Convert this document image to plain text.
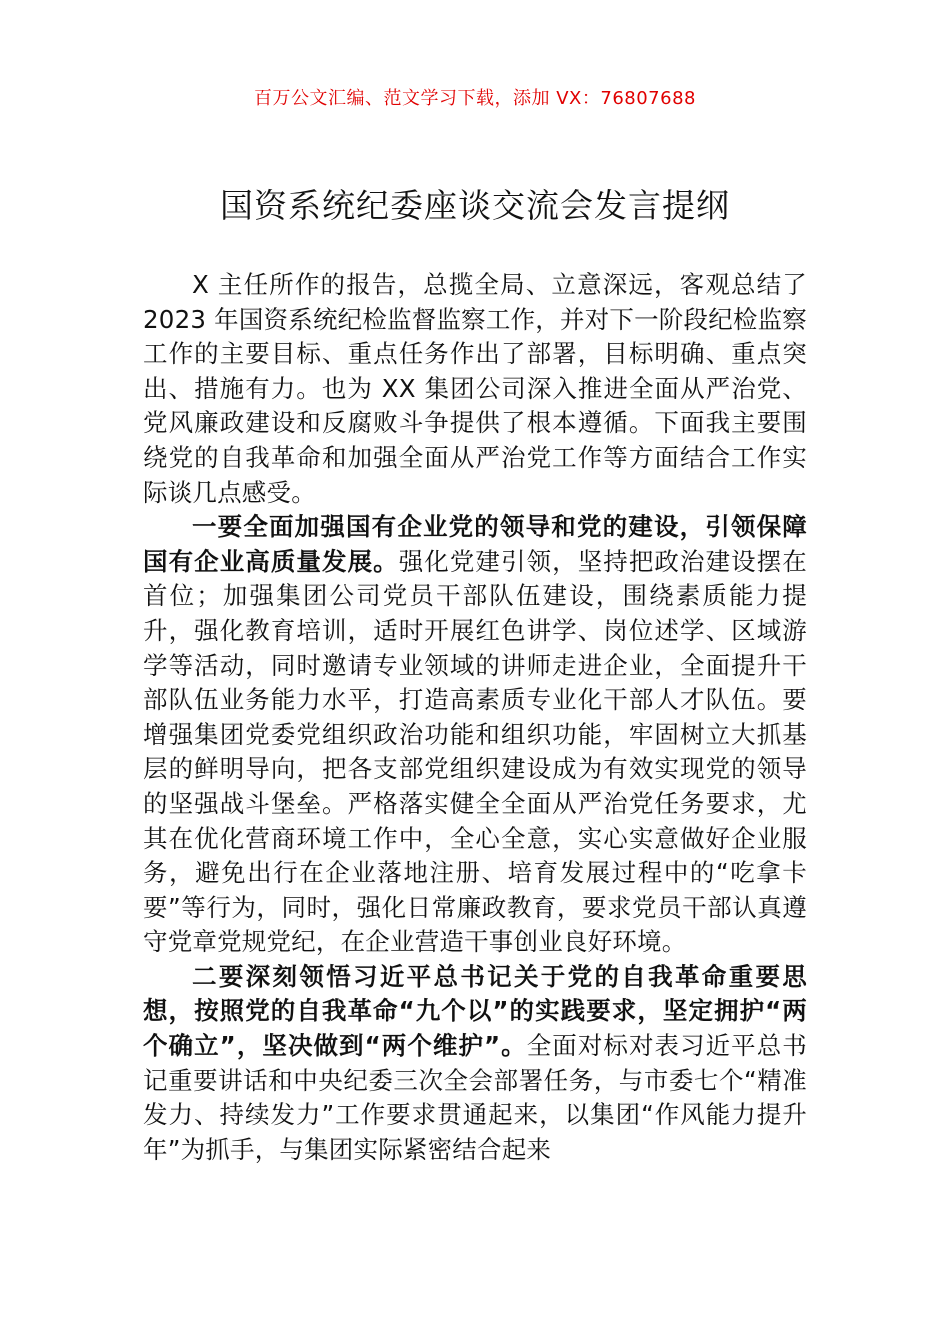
百万公文汇编、范文学习下载，添加 VX：76807688
国资系统纪委座谈交流会发言提纲

X 主任所作的报告，总揽全局、立意深远，客观总结了 2023 年国资系统纪检监督监察工作，并对下一阶段纪检监察工作的主要目标、重点任务作出了部署，目标明确、重点突出、措施有力。也为 XX 集团公司深入推进全面从严治党、党风廉政建设和反腐败斗争提供了根本遵循。下面我主要围绕党的自我革命和加强全面从严治党工作等方面结合工作实际谈几点感受。

一要全面加强国有企业党的领导和党的建设，引领保障国有企业高质量发展。强化党建引领，坚持把政治建设摆在首位；加强集团公司党员干部队伍建设，围绕素质能力提升，强化教育培训，适时开展红色讲学、岗位述学、区域游学等活动，同时邀请专业领域的讲师走进企业，全面提升干部队伍业务能力水平，打造高素质专业化干部人才队伍。要增强集团党委党组织政治功能和组织功能，牢固树立大抓基层的鲜明导向，把各支部党组织建设成为有效实现党的领导的坚强战斗堡垒。严格落实健全全面从严治党任务要求，尤其在优化营商环境工作中，全心全意，实心实意做好企业服务，避免出行在企业落地注册、培育发展过程中的“吃拿卡要”等行为，同时，强化日常廉政教育，要求党员干部认真遵守党章党规党纪，在企业营造干事创业良好环境。

二要深刻领悟习近平总书记关于党的自我革命重要思想，按照党的自我革命“九个以”的实践要求，坚定拥护“两个确立”，坚决做到“两个维护”。全面对标对表习近平总书记重要讲话和中央纪委三次全会部署任务，与市委七个“精准发力、持续发力”工作要求贯通起来，以集团“作风能力提升年”为抓手，与集团实际紧密结合起来
